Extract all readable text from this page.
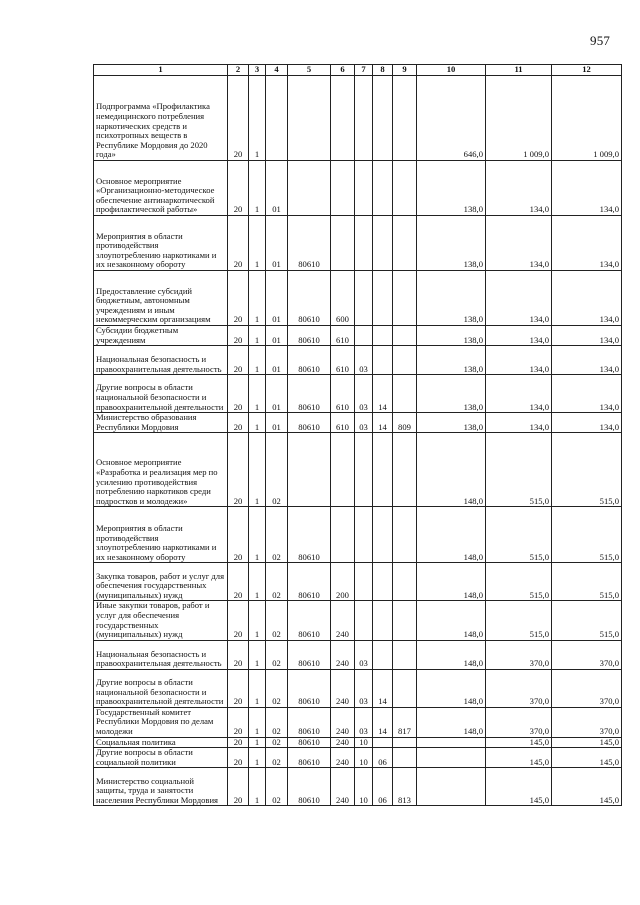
957
1	2	3	4	5	6	7	8	9	10	11	12

Подпрограмма «Профилактика немедицинского потребления наркотических средств и психотропных веществ в Республике Мордовия до 2020 года»	20	1							646,0	1 009,0	1 009,0

Основное мероприятие «Организационно-методическое обеспечение антинаркотической профилактической работы»	20	1	01						138,0	134,0	134,0

Мероприятия в области противодействия злоупотреблению наркотиками и их незаконному обороту	20	1	01	80610					138,0	134,0	134,0

Предоставление субсидий бюджетным, автономным учреждениям и иным некоммерческим организациям	20	1	01	80610	600				138,0	134,0	134,0

Субсидии бюджетным учреждениям	20	1	01	80610	610				138,0	134,0	134,0

Национальная безопасность и правоохранительная деятельность	20	1	01	80610	610	03			138,0	134,0	134,0

Другие вопросы в области национальной безопасности и правоохранительной деятельности	20	1	01	80610	610	03	14		138,0	134,0	134,0

Министерство образования Республики Мордовия	20	1	01	80610	610	03	14	809	138,0	134,0	134,0

Основное мероприятие «Разработка и реализация мер по усилению противодействия потреблению наркотиков среди подростков и молодежи»	20	1	02						148,0	515,0	515,0

Мероприятия в области противодействия злоупотреблению наркотиками и их незаконному обороту	20	1	02	80610					148,0	515,0	515,0

Закупка товаров, работ и услуг для обеспечения государственных (муниципальных) нужд	20	1	02	80610	200				148,0	515,0	515,0

Иные закупки товаров, работ и услуг для обеспечения государственных (муниципальных) нужд	20	1	02	80610	240				148,0	515,0	515,0

Национальная безопасность и правоохранительная деятельность	20	1	02	80610	240	03			148,0	370,0	370,0

Другие вопросы в области национальной безопасности и правоохранительной деятельности	20	1	02	80610	240	03	14		148,0	370,0	370,0

Государственный комитет Республики Мордовия по делам молодежи	20	1	02	80610	240	03	14	817	148,0	370,0	370,0

Социальная политика	20	1	02	80610	240	10				145,0	145,0

Другие вопросы в области социальной политики	20	1	02	80610	240	10	06			145,0	145,0

Министерство социальной защиты, труда и занятости населения Республики Мордовия	20	1	02	80610	240	10	06	813		145,0	145,0
